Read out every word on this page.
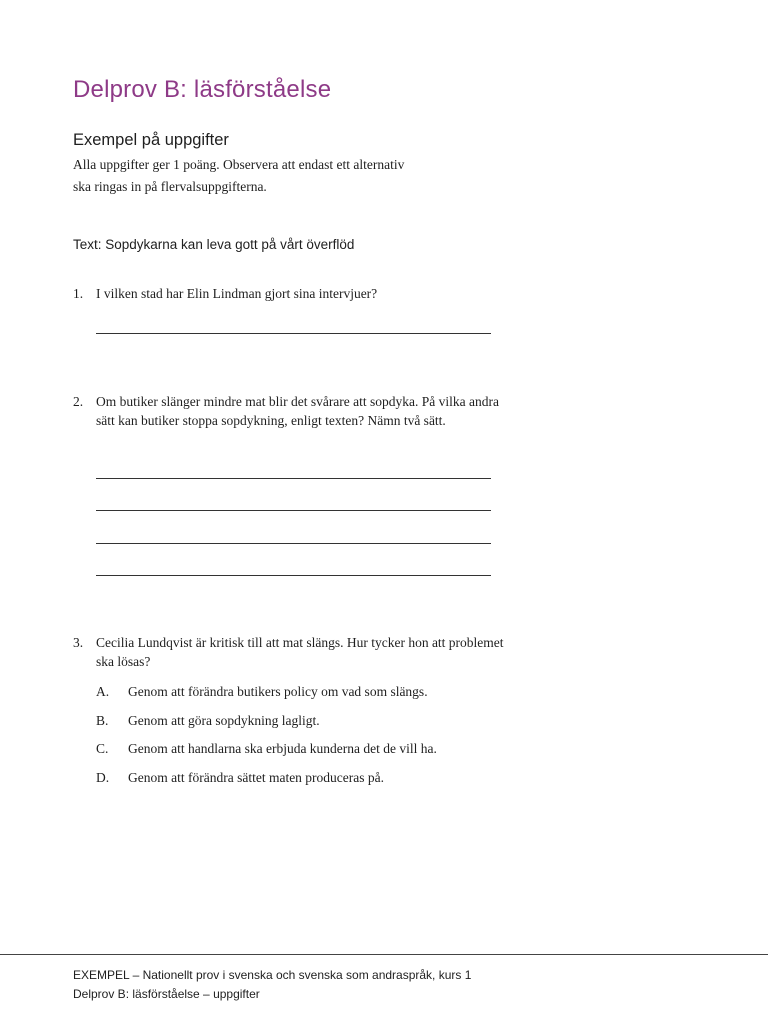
Delprov B: läsförståelse
Exempel på uppgifter
Alla uppgifter ger 1 poäng. Observera att endast ett alternativ
ska ringas in på flervalsuppgifterna.
Text: Sopdykarna kan leva gott på vårt överflöd
1. I vilken stad har Elin Lindman gjort sina intervjuer?
2. Om butiker slänger mindre mat blir det svårare att sopdyka. På vilka andra sätt kan butiker stoppa sopdykning, enligt texten? Nämn två sätt.
3. Cecilia Lundqvist är kritisk till att mat slängs. Hur tycker hon att problemet ska lösas?
A. Genom att förändra butikers policy om vad som slängs.
B. Genom att göra sopdykning lagligt.
C. Genom att handlarna ska erbjuda kunderna det de vill ha.
D. Genom att förändra sättet maten produceras på.
EXEMPEL – Nationellt prov i svenska och svenska som andraspråk, kurs 1
Delprov B: läsförståelse – uppgifter
